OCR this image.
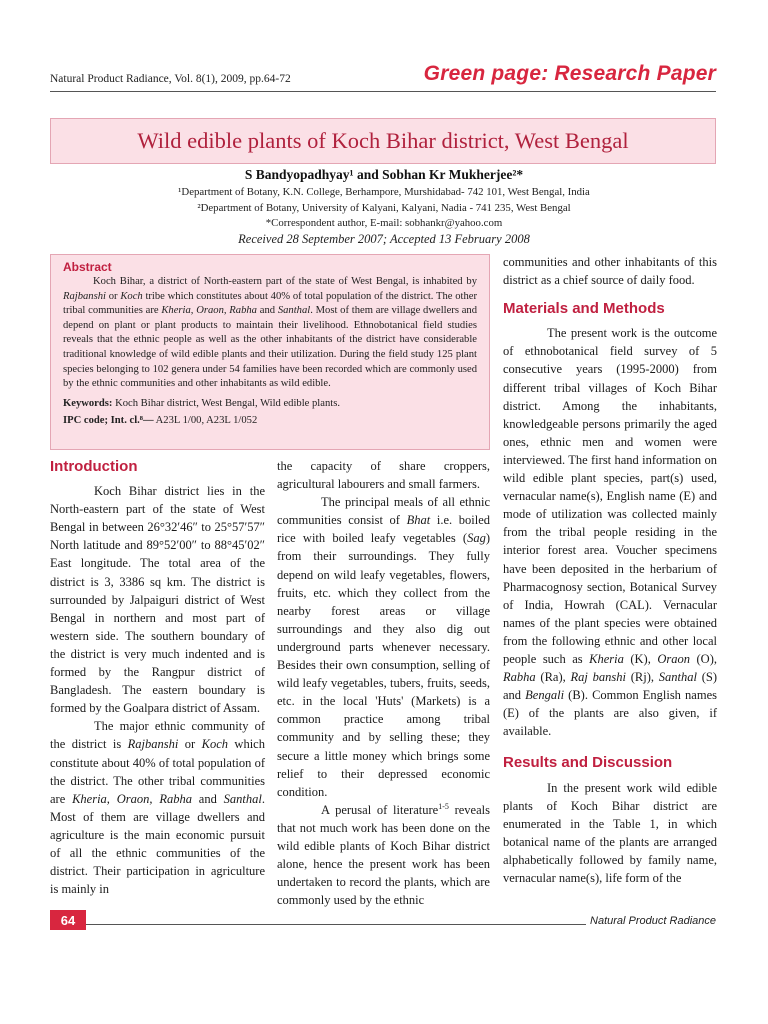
Natural Product Radiance, Vol. 8(1), 2009, pp.64-72	Green page: Research Paper
Wild edible plants of Koch Bihar district, West Bengal
S Bandyopadhyay¹ and Sobhan Kr Mukherjee²*
¹Department of Botany, K.N. College, Berhampore, Murshidabad- 742 101, West Bengal, India
²Department of Botany, University of Kalyani, Kalyani, Nadia - 741 235, West Bengal
*Correspondent author, E-mail: sobhankr@yahoo.com
Received 28 September 2007; Accepted 13 February 2008
Abstract
Koch Bihar, a district of North-eastern part of the state of West Bengal, is inhabited by Rajbanshi or Koch tribe which constitutes about 40% of total population of the district. The other tribal communities are Kheria, Oraon, Rabha and Santhal. Most of them are village dwellers and depend on plant or plant products to maintain their livelihood. Ethnobotanical field studies reveals that the ethnic people as well as the other inhabitants of the district have considerable traditional knowledge of wild edible plants and their utilization. During the field study 125 plant species belonging to 102 genera under 54 families have been recorded which are commonly used by the ethnic communities and other inhabitants as wild edible.
Keywords: Koch Bihar district, West Bengal, Wild edible plants.
IPC code; Int. cl.⁸— A23L 1/00, A23L 1/052
Introduction

Koch Bihar district lies in the North-eastern part of the state of West Bengal in between 26°32′46″ to 25°57′57″ North latitude and 89°52′00″ to 88°45′02″ East longitude. The total area of the district is 3, 3386 sq km. The district is surrounded by Jalpaiguri district of West Bengal in northern and most part of western side. The southern boundary of the district is very much indented and is formed by the Rangpur district of Bangladesh. The eastern boundary is formed by the Goalpara district of Assam.

The major ethnic community of the district is Rajbanshi or Koch which constitute about 40% of total population of the district. The other tribal communities are Kheria, Oraon, Rabha and Santhal. Most of them are village dwellers and agriculture is the main economic pursuit of all the ethnic communities of the district. Their participation in agriculture is mainly in

the capacity of share croppers, agricultural labourers and small farmers.

The principal meals of all ethnic communities consist of Bhat i.e. boiled rice with boiled leafy vegetables (Sag) from their surroundings. They fully depend on wild leafy vegetables, flowers, fruits, etc. which they collect from the nearby forest areas or village surroundings and they also dig out underground parts whenever necessary. Besides their own consumption, selling of wild leafy vegetables, tubers, fruits, seeds, etc. in the local 'Huts' (Markets) is a common practice among tribal community and by selling these; they secure a little money which brings some relief to their depressed economic condition.

A perusal of literature$^{1-5}$ reveals that not much work has been done on the wild edible plants of Koch Bihar district alone, hence the present work has been undertaken to record the plants, which are commonly used by the ethnic

communities and other inhabitants of this district as a chief source of daily food.

Materials and Methods

The present work is the outcome of ethnobotanical field survey of 5 consecutive years (1995-2000) from different tribal villages of Koch Bihar district. Among the inhabitants, knowledgeable persons primarily the aged ones, ethnic men and women were interviewed. The first hand information on wild edible plant species, part(s) used, vernacular name(s), English name (E) and mode of utilization was collected mainly from the tribal people residing in the interior forest area. Voucher specimens have been deposited in the herbarium of Pharmacognosy section, Botanical Survey of India, Howrah (CAL). Vernacular names of the plant species were obtained from the following ethnic and other local people such as Kheria (K), Oraon (O), Rabha (Ra), Raj banshi (Rj), Santhal (S) and Bengali (B). Common English names (E) of the plants are also given, if available.

Results and Discussion

In the present work wild edible plants of Koch Bihar district are enumerated in the Table 1, in which botanical name of the plants are arranged alphabetically followed by family name, vernacular name(s), life form of the

64	Natural Product Radiance
